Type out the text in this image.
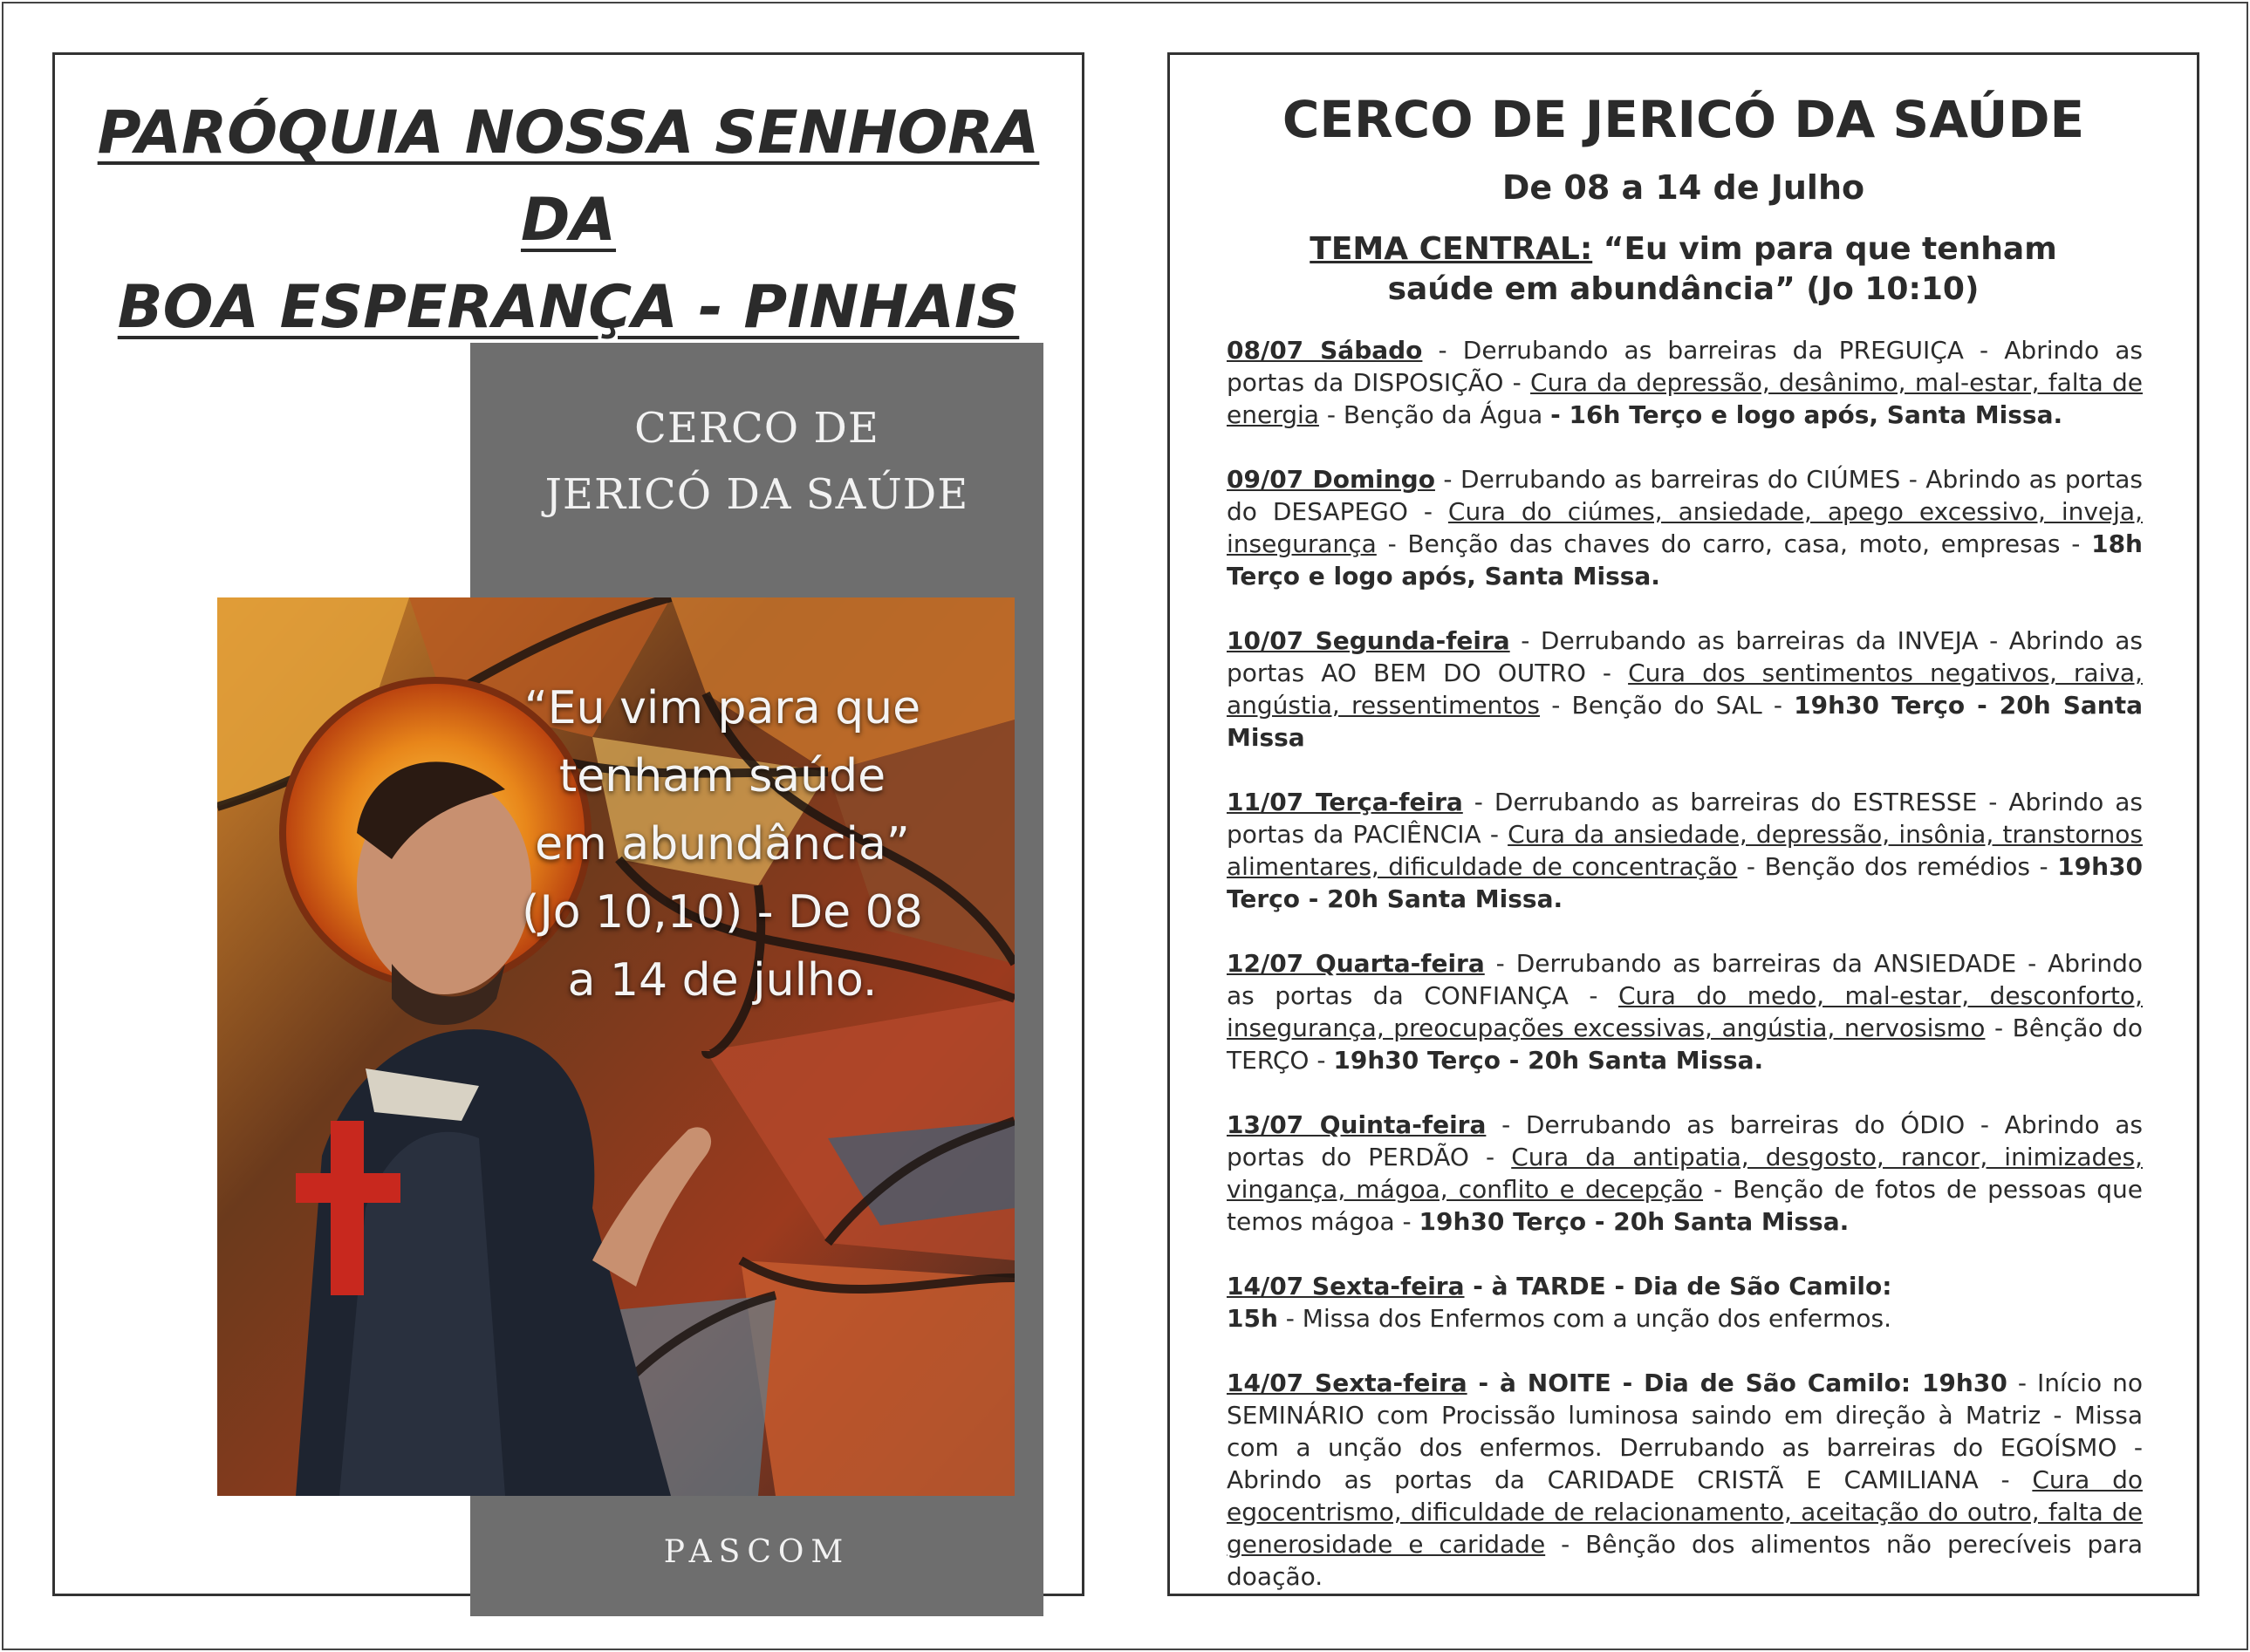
PARÓQUIA NOSSA SENHORA DA
BOA ESPERANÇA - PINHAIS
CERCO DE
JERICÓ DA SAÚDE
“Eu vim para que tenham saúde em abundância” (Jo 10,10) - De 08 a 14 de julho.
PASCOM
CERCO DE JERICÓ DA SAÚDE
De 08 a 14 de Julho
TEMA CENTRAL: “Eu vim para que tenham saúde em abundância” (Jo 10:10)
08/07 Sábado - Derrubando as barreiras da PREGUIÇA - Abrindo as portas da DISPOSIÇÃO - Cura da depressão, desânimo, mal-estar, falta de energia - Benção da Água - 16h Terço e logo após, Santa Missa.
09/07 Domingo - Derrubando as barreiras do CIÚMES - Abrindo as portas do DESAPEGO - Cura do ciúmes, ansiedade, apego excessivo, inveja, insegurança - Benção das chaves do carro, casa, moto, empresas - 18h Terço e logo após, Santa Missa.
10/07 Segunda-feira - Derrubando as barreiras da INVEJA - Abrindo as portas AO BEM DO OUTRO - Cura dos sentimentos negativos, raiva, angústia, ressentimentos - Benção do SAL - 19h30 Terço - 20h Santa Missa
11/07 Terça-feira - Derrubando as barreiras do ESTRESSE - Abrindo as portas da PACIÊNCIA - Cura da ansiedade, depressão, insônia, transtornos alimentares, dificuldade de concentração - Benção dos remédios - 19h30 Terço - 20h Santa Missa.
12/07 Quarta-feira - Derrubando as barreiras da ANSIEDADE - Abrindo as portas da CONFIANÇA - Cura do medo, mal-estar, desconforto, insegurança, preocupações excessivas, angústia, nervosismo - Bênção do TERÇO - 19h30 Terço - 20h Santa Missa.
13/07 Quinta-feira - Derrubando as barreiras do ÓDIO - Abrindo as portas do PERDÃO - Cura da antipatia, desgosto, rancor, inimizades, vingança, mágoa, conflito e decepção - Benção de fotos de pessoas que temos mágoa - 19h30 Terço - 20h Santa Missa.
14/07 Sexta-feira - à TARDE - Dia de São Camilo:
15h - Missa dos Enfermos com a unção dos enfermos.
14/07 Sexta-feira - à NOITE - Dia de São Camilo: 19h30 - Início no SEMINÁRIO com Procissão luminosa saindo em direção à Matriz - Missa com a unção dos enfermos. Derrubando as barreiras do EGOÍSMO - Abrindo as portas da CARIDADE CRISTÃ E CAMILIANA - Cura do egocentrismo, dificuldade de relacionamento, aceitação do outro, falta de generosidade e caridade - Bênção dos alimentos não perecíveis para doação.
